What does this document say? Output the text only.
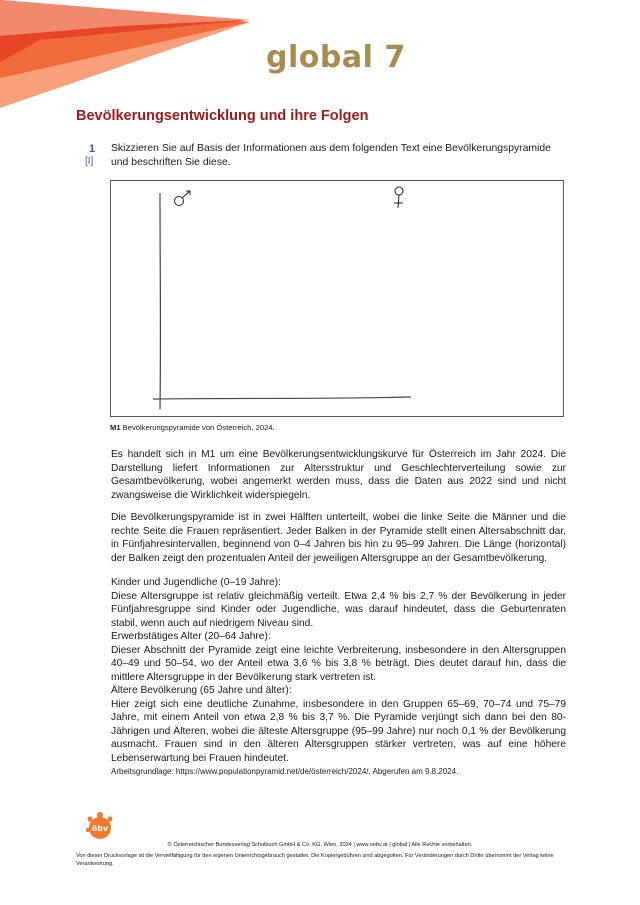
global 7
Bevölkerungsentwicklung und ihre Folgen
1
[I]

Skizzieren Sie auf Basis der Informationen aus dem folgenden Text eine Bevölkerungspyramide und beschriften Sie diese.

M1 Bevölkerungspyramide von Österreich, 2024.

Es handelt sich in M1 um eine Bevölkerungsentwicklungskurve für Österreich im Jahr 2024. Die Darstellung liefert Informationen zur Altersstruktur und Geschlechterverteilung sowie zur Gesamtbevölkerung, wobei angemerkt werden muss, dass die Daten aus 2022 sind und nicht zwangsweise die Wirklichkeit widerspiegeln.

Die Bevölkerungspyramide ist in zwei Hälften unterteilt, wobei die linke Seite die Männer und die rechte Seite die Frauen repräsentiert. Jeder Balken in der Pyramide stellt einen Altersabschnitt dar, in Fünfjahresintervallen, beginnend von 0–4 Jahren bis hin zu 95–99 Jahren. Die Länge (horizontal) der Balken zeigt den prozentualen Anteil der jeweiligen Altersgruppe an der Gesamtbevölkerung.

Kinder und Jugendliche (0–19 Jahre):
Diese Altersgruppe ist relativ gleichmäßig verteilt. Etwa 2,4 % bis 2,7 % der Bevölkerung in jeder Fünfjahresgruppe sind Kinder oder Jugendliche, was darauf hindeutet, dass die Geburtenraten stabil, wenn auch auf niedrigem Niveau sind.
Erwerbstätiges Alter (20–64 Jahre):
Dieser Abschnitt der Pyramide zeigt eine leichte Verbreiterung, insbesondere in den Altersgruppen 40–49 und 50–54, wo der Anteil etwa 3,6 % bis 3,8 % beträgt. Dies deutet darauf hin, dass die mittlere Altersgruppe in der Bevölkerung stark vertreten ist.
Ältere Bevölkerung (65 Jahre und älter):
Hier zeigt sich eine deutliche Zunahme, insbesondere in den Gruppen 65–69, 70–74 und 75–79 Jahre, mit einem Anteil von etwa 2,8 % bis 3,7 %. Die Pyramide verjüngt sich dann bei den 80-Jährigen und Älteren, wobei die älteste Altersgruppe (95–99 Jahre) nur noch 0,1 % der Bevölkerung ausmacht. Frauen sind in den älteren Altersgruppen stärker vertreten, was auf eine höhere Lebenserwartung bei Frauen hindeutet.
Arbeitsgrundlage: https://www.populationpyramid.net/de/österreich/2024/. Abgerufen am 9.8.2024.
öbv

© Österreichischer Bundesverlag Schulbuch GmbH & Co. KG, Wien, 2024 | www.oebv.at | global | Alle Rechte vorbehalten.

Von dieser Druckvorlage ist die Vervielfältigung für den eigenen Unterrichtsgebrauch gestattet. Die Kopiergebühren sind abgegolten. Für Veränderungen durch Dritte übernimmt der Verlag keine Verantwortung.
